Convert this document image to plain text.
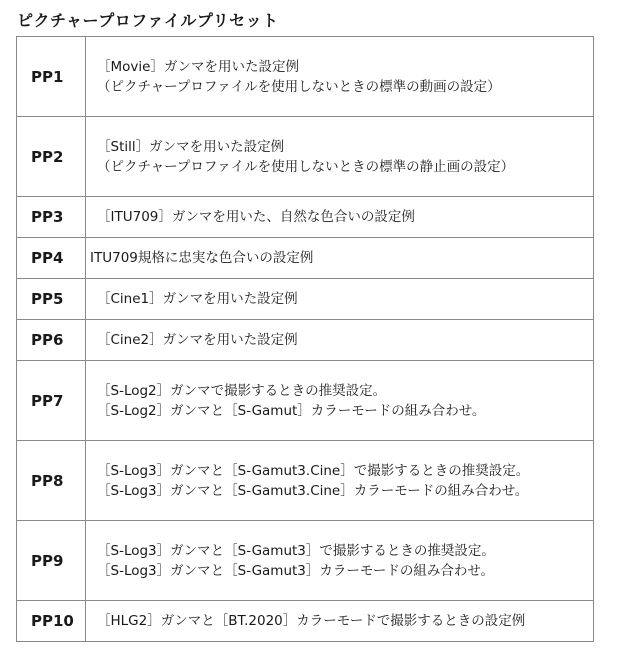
ピクチャープロファイルプリセット
PP1	［Movie］ガンマを用いた設定例
（ピクチャープロファイルを使用しないときの標準の動画の設定）

PP2	［Still］ガンマを用いた設定例
（ピクチャープロファイルを使用しないときの標準の静止画の設定）

PP3	［ITU709］ガンマを用いた、自然な色合いの設定例

PP4	ITU709規格に忠実な色合いの設定例

PP5	［Cine1］ガンマを用いた設定例

PP6	［Cine2］ガンマを用いた設定例

PP7	［S-Log2］ガンマで撮影するときの推奨設定。
［S-Log2］ガンマと［S-Gamut］カラーモードの組み合わせ。

PP8	［S-Log3］ガンマと［S-Gamut3.Cine］で撮影するときの推奨設定。
［S-Log3］ガンマと［S-Gamut3.Cine］カラーモードの組み合わせ。

PP9	［S-Log3］ガンマと［S-Gamut3］で撮影するときの推奨設定。
［S-Log3］ガンマと［S-Gamut3］カラーモードの組み合わせ。

PP10	［HLG2］ガンマと［BT.2020］カラーモードで撮影するときの設定例
